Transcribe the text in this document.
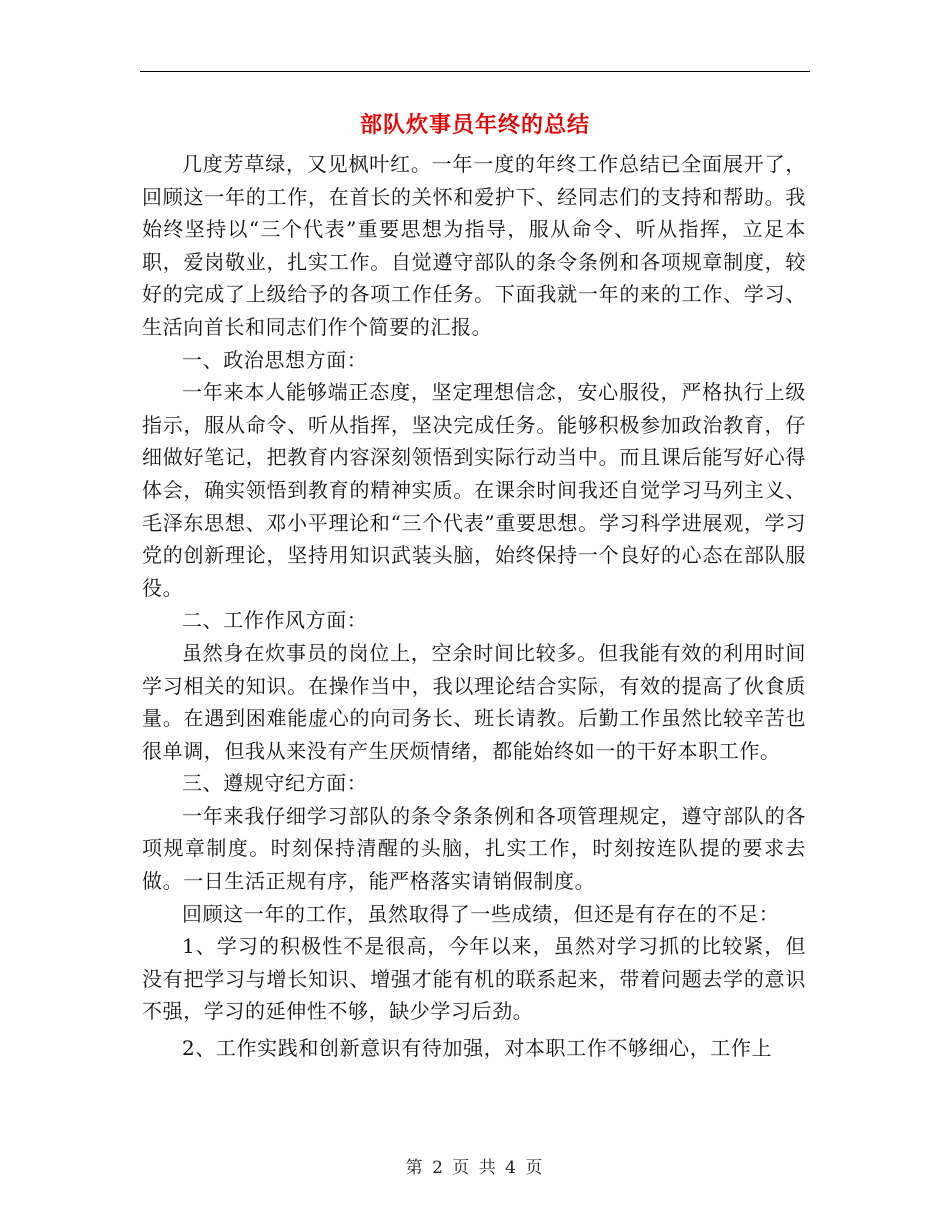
部队炊事员年终的总结

几度芳草绿，又见枫叶红。一年一度的年终工作总结已全面展开了，回顾这一年的工作，在首长的关怀和爱护下、经同志们的支持和帮助。我始终坚持以“三个代表”重要思想为指导，服从命令、听从指挥，立足本职，爱岗敬业，扎实工作。自觉遵守部队的条令条例和各项规章制度，较好的完成了上级给予的各项工作任务。下面我就一年的来的工作、学习、生活向首长和同志们作个简要的汇报。

一、政治思想方面：

一年来本人能够端正态度，坚定理想信念，安心服役，严格执行上级指示，服从命令、听从指挥，坚决完成任务。能够积极参加政治教育，仔细做好笔记，把教育内容深刻领悟到实际行动当中。而且课后能写好心得体会，确实领悟到教育的精神实质。在课余时间我还自觉学习马列主义、毛泽东思想、邓小平理论和“三个代表”重要思想。学习科学进展观，学习党的创新理论，坚持用知识武装头脑，始终保持一个良好的心态在部队服役。

二、工作作风方面：

虽然身在炊事员的岗位上，空余时间比较多。但我能有效的利用时间学习相关的知识。在操作当中，我以理论结合实际，有效的提高了伙食质量。在遇到困难能虚心的向司务长、班长请教。后勤工作虽然比较辛苦也很单调，但我从来没有产生厌烦情绪，都能始终如一的干好本职工作。

三、遵规守纪方面：

一年来我仔细学习部队的条令条条例和各项管理规定，遵守部队的各项规章制度。时刻保持清醒的头脑，扎实工作，时刻按连队提的要求去做。一日生活正规有序，能严格落实请销假制度。

回顾这一年的工作，虽然取得了一些成绩，但还是有存在的不足：

1、学习的积极性不是很高，今年以来，虽然对学习抓的比较紧，但没有把学习与增长知识、增强才能有机的联系起来，带着问题去学的意识不强，学习的延伸性不够，缺少学习后劲。

2、工作实践和创新意识有待加强，对本职工作不够细心，工作上

第 2 页 共 4 页
